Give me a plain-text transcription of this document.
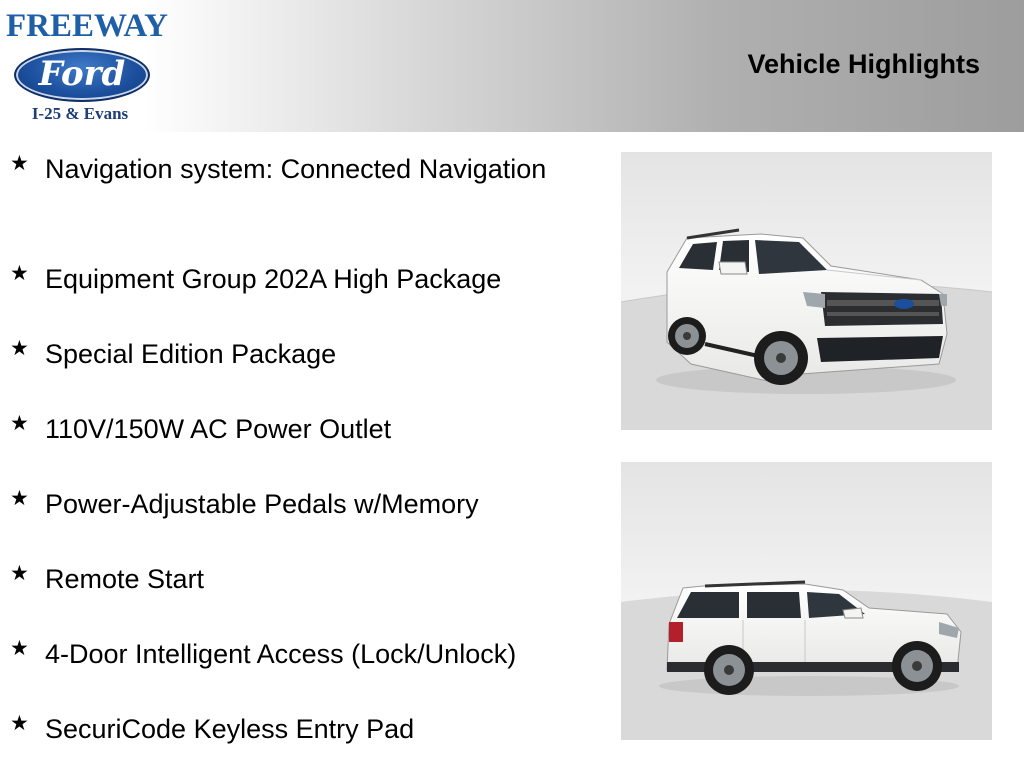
FREEWAY
Ford
I-25 & Evans
Vehicle Highlights
★ Navigation system: Connected Navigation
★ Equipment Group 202A High Package
★ Special Edition Package
★ 110V/150W AC Power Outlet
★ Power-Adjustable Pedals w/Memory
★ Remote Start
★ 4-Door Intelligent Access (Lock/Unlock)
★ SecuriCode Keyless Entry Pad
